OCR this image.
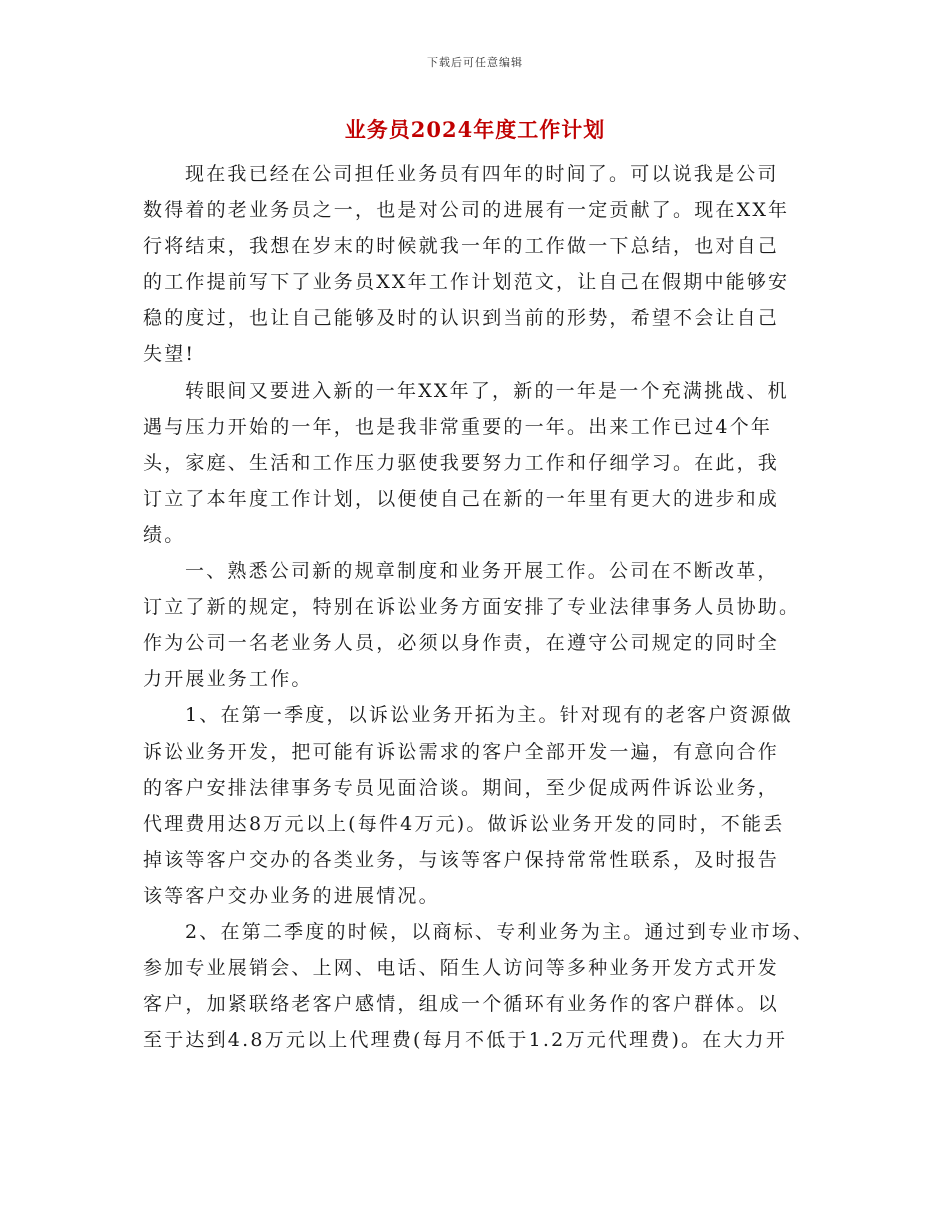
下载后可任意编辑
业务员2024年度工作计划
现在我已经在公司担任业务员有四年的时间了。可以说我是公司
数得着的老业务员之一，也是对公司的进展有一定贡献了。现在XX年
行将结束，我想在岁末的时候就我一年的工作做一下总结，也对自己
的工作提前写下了业务员XX年工作计划范文，让自己在假期中能够安
稳的度过，也让自己能够及时的认识到当前的形势，希望不会让自己
失望!
转眼间又要进入新的一年XX年了，新的一年是一个充满挑战、机
遇与压力开始的一年，也是我非常重要的一年。出来工作已过4个年
头，家庭、生活和工作压力驱使我要努力工作和仔细学习。在此，我
订立了本年度工作计划，以便使自己在新的一年里有更大的进步和成
绩。
一、熟悉公司新的规章制度和业务开展工作。公司在不断改革，
订立了新的规定，特别在诉讼业务方面安排了专业法律事务人员协助。
作为公司一名老业务人员，必须以身作责，在遵守公司规定的同时全
力开展业务工作。
1、在第一季度，以诉讼业务开拓为主。针对现有的老客户资源做
诉讼业务开发，把可能有诉讼需求的客户全部开发一遍，有意向合作
的客户安排法律事务专员见面洽谈。期间，至少促成两件诉讼业务，
代理费用达8万元以上(每件4万元)。做诉讼业务开发的同时，不能丢
掉该等客户交办的各类业务，与该等客户保持常常性联系，及时报告
该等客户交办业务的进展情况。
2、在第二季度的时候，以商标、专利业务为主。通过到专业市场、
参加专业展销会、上网、电话、陌生人访问等多种业务开发方式开发
客户，加紧联络老客户感情，组成一个循环有业务作的客户群体。以
至于达到4.8万元以上代理费(每月不低于1.2万元代理费)。在大力开
